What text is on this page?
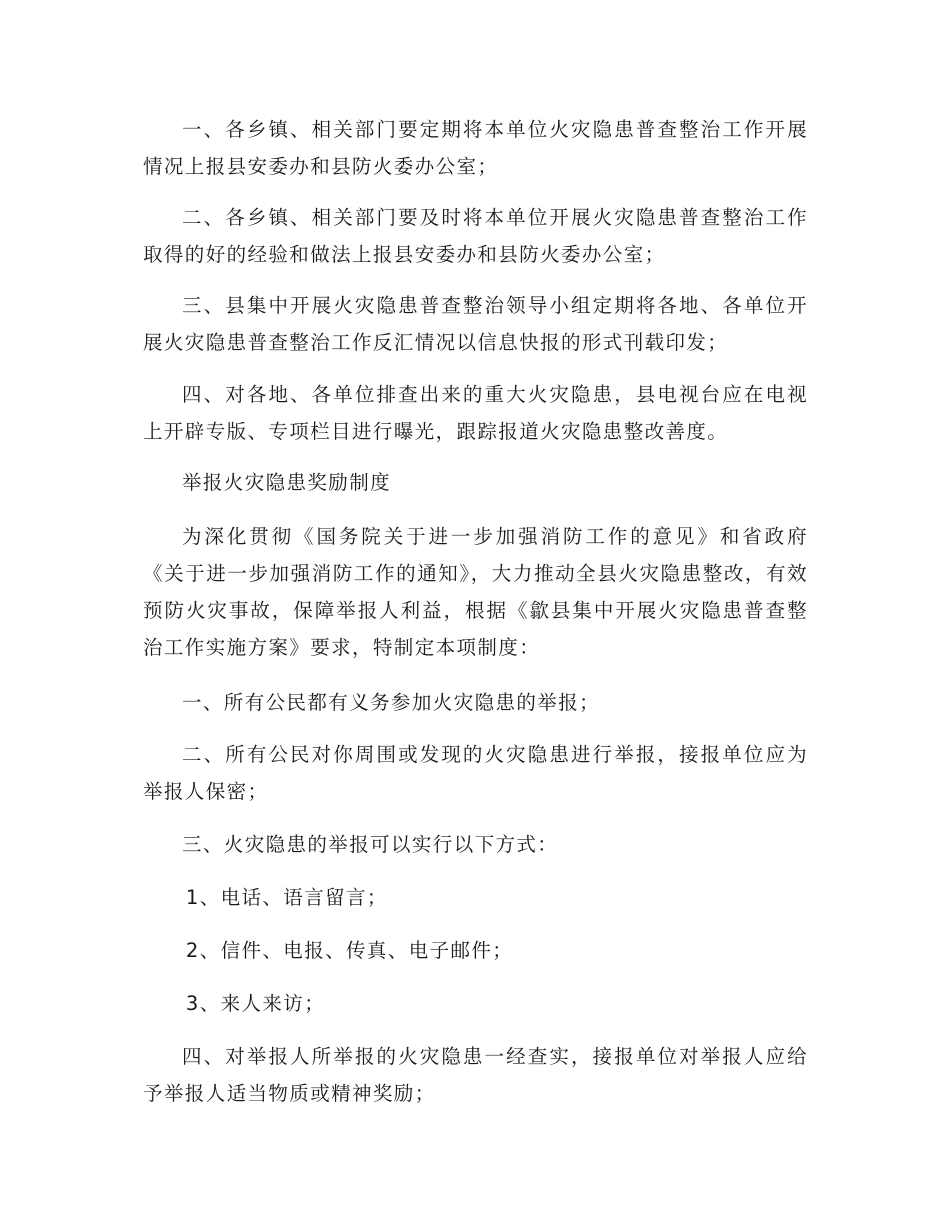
一、各乡镇、相关部门要定期将本单位火灾隐患普查整治工作开展情况上报县安委办和县防火委办公室；

二、各乡镇、相关部门要及时将本单位开展火灾隐患普查整治工作取得的好的经验和做法上报县安委办和县防火委办公室；

三、县集中开展火灾隐患普查整治领导小组定期将各地、各单位开展火灾隐患普查整治工作反汇情况以信息快报的形式刊载印发；

四、对各地、各单位排查出来的重大火灾隐患，县电视台应在电视上开辟专版、专项栏目进行曝光，跟踪报道火灾隐患整改善度。

举报火灾隐患奖励制度

为深化贯彻《国务院关于进一步加强消防工作的意见》和省政府《关于进一步加强消防工作的通知》，大力推动全县火灾隐患整改，有效预防火灾事故，保障举报人利益，根据《歙县集中开展火灾隐患普查整治工作实施方案》要求，特制定本项制度：

一、所有公民都有义务参加火灾隐患的举报；

二、所有公民对你周围或发现的火灾隐患进行举报，接报单位应为举报人保密；

三、火灾隐患的举报可以实行以下方式：

1、电话、语言留言；

2、信件、电报、传真、电子邮件；

3、来人来访；

四、对举报人所举报的火灾隐患一经查实，接报单位对举报人应给予举报人适当物质或精神奖励；
